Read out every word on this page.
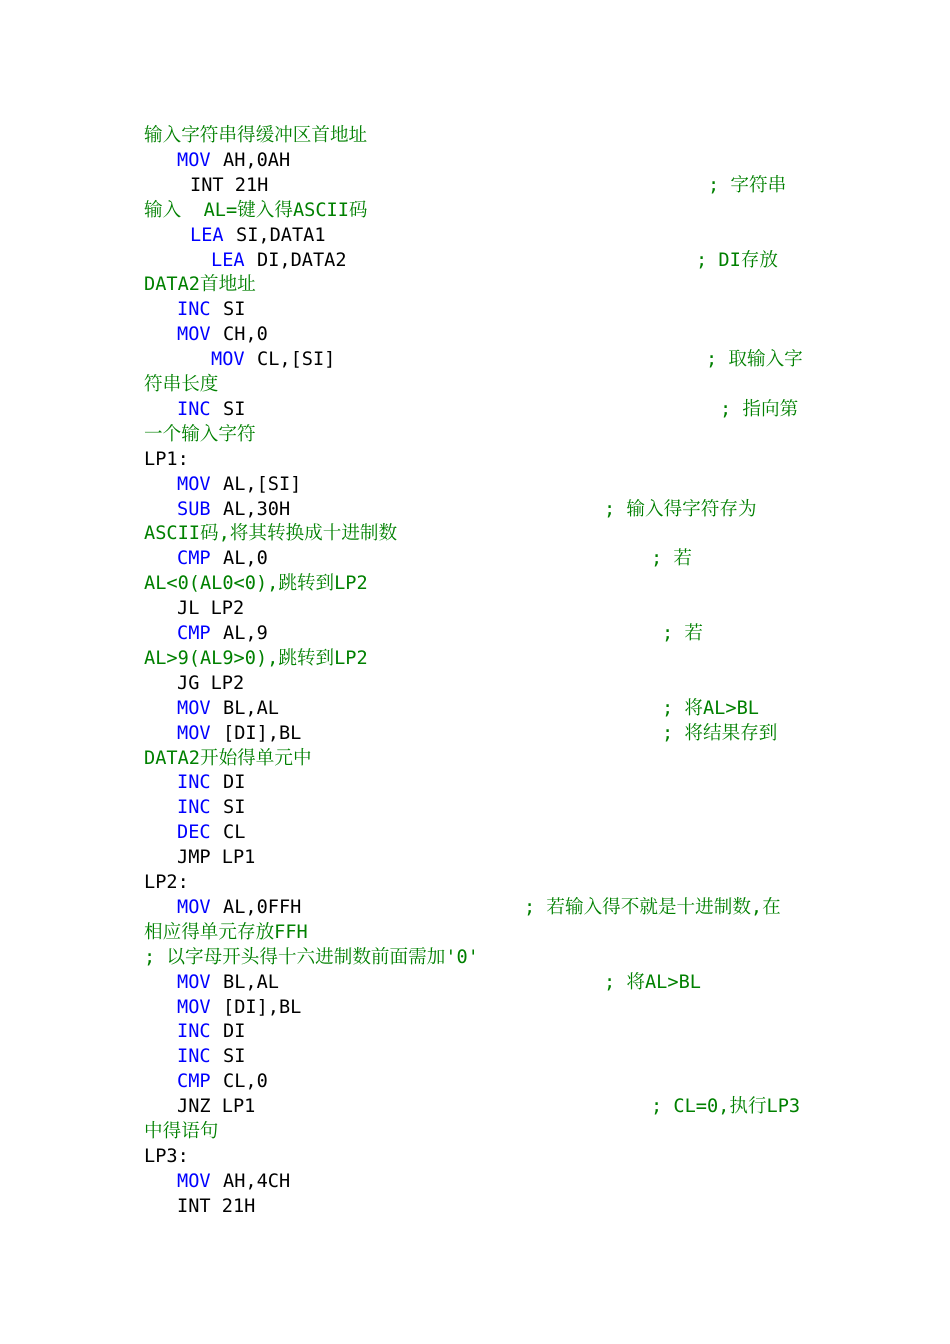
输入字符串得缓冲区首地址
MOV AH,0AH
INT 21H	; 字符串
输入  AL=键入得ASCII码
LEA SI,DATA1
LEA DI,DATA2	; DI存放
DATA2首地址
INC SI
MOV CH,0
MOV CL,[SI]	; 取输入字
符串长度
INC SI	; 指向第
一个输入字符
LP1:
MOV AL,[SI]
SUB AL,30H	; 输入得字符存为
ASCII码,将其转换成十进制数
CMP AL,0	; 若
AL<0(AL0<0),跳转到LP2
JL LP2
CMP AL,9	; 若
AL>9(AL9>0),跳转到LP2
JG LP2
MOV BL,AL	; 将AL>BL
MOV [DI],BL	; 将结果存到
DATA2开始得单元中
INC DI
INC SI
DEC CL
JMP LP1
LP2:
MOV AL,0FFH	; 若输入得不就是十进制数,在
相应得单元存放FFH
; 以字母开头得十六进制数前面需加'0'
MOV BL,AL	; 将AL>BL
MOV [DI],BL
INC DI
INC SI
CMP CL,0
JNZ LP1	; CL=0,执行LP3
中得语句
LP3:
MOV AH,4CH
INT 21H
